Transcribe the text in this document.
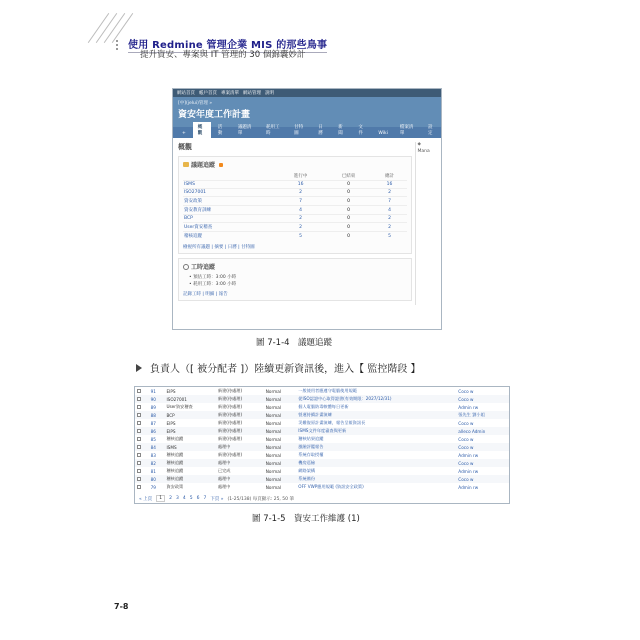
使用 Redmine 管理企業 MIS 的那些鳥事
提升資安、專案與 IT 管理的 30 個錦囊妙計
網站首頁 帳戶首頁 專案清單 網站管理 說明
[中](jelui)管理 »
資安年度工作計畫
+
概觀
活動
議題清單
耗用工時
甘特圖
日曆
新聞
文件	Wiki
檔案清單
設定
概觀
議題追蹤
	進行中	已結束	總計
ISMS	16	0	16
ISO27001	2	0	2
資安政策	7	0	7
資安教育訓練	4	0	4
BCP	2	0	2
User資安稽查	2	0	2
稽核追蹤	5	0	5
檢視所有議題 | 摘要 | 日曆 | 甘特圖
工時追蹤
• 預估工時：3:00 小時
• 耗用工時：3:00 小時
記錄工時 | 明細 | 報告
◆
Mana
圖 7-1-4　議題追蹤
負責人（[ 被分配者 ]）陸續更新資訊後，進入【 監控階段 】
	91	EIPS	新建(待處理)	Normal	一般使用者應遵守電腦使用規範	Coco w
	90	ISO27001	新建(待處理)	Normal	從ISO認證中心取得證書(有效期限：2027/12/31)	Coco w
	89	User資安稽查	新建(待處理)	Normal	個人電腦防毒軟體每日更新	Admin rw
	88	BCP	新建(待處理)	Normal	營運持續計畫演練	張先生 劉小姐
	87	EIPS	新建(待處理)	Normal	災難復原計畫演練，報告呈報資訊長	Coco w
	86	EIPS	新建(待處理)	Normal	ISMS文件年度審查與更新	alleco Admin
	85	稽核追蹤	新建(待處理)	Normal	稽核結果追蹤	Coco w
	84	ISMS	處理中	Normal	風險評鑑報告	Coco w
	83	稽核追蹤	新建(待處理)	Normal	系統存取授權	Admin rw
	82	稽核追蹤	處理中	Normal	機房巡檢	Coco w
	81	稽核追蹤	已完成	Normal	網路架構	Admin rw
	80	稽核追蹤	處理中	Normal	系統備份	Coco w
	79	資安政策	處理中	Normal	OFF VWP應用規範 (資訊安全政策)	Admin rw
« 上頁	1	2 3 4 5 6 7 下頁 » (1-25/138) 每頁顯示: 25, 50 筆
圖 7-1-5　資安工作維護 (1)
7-8
